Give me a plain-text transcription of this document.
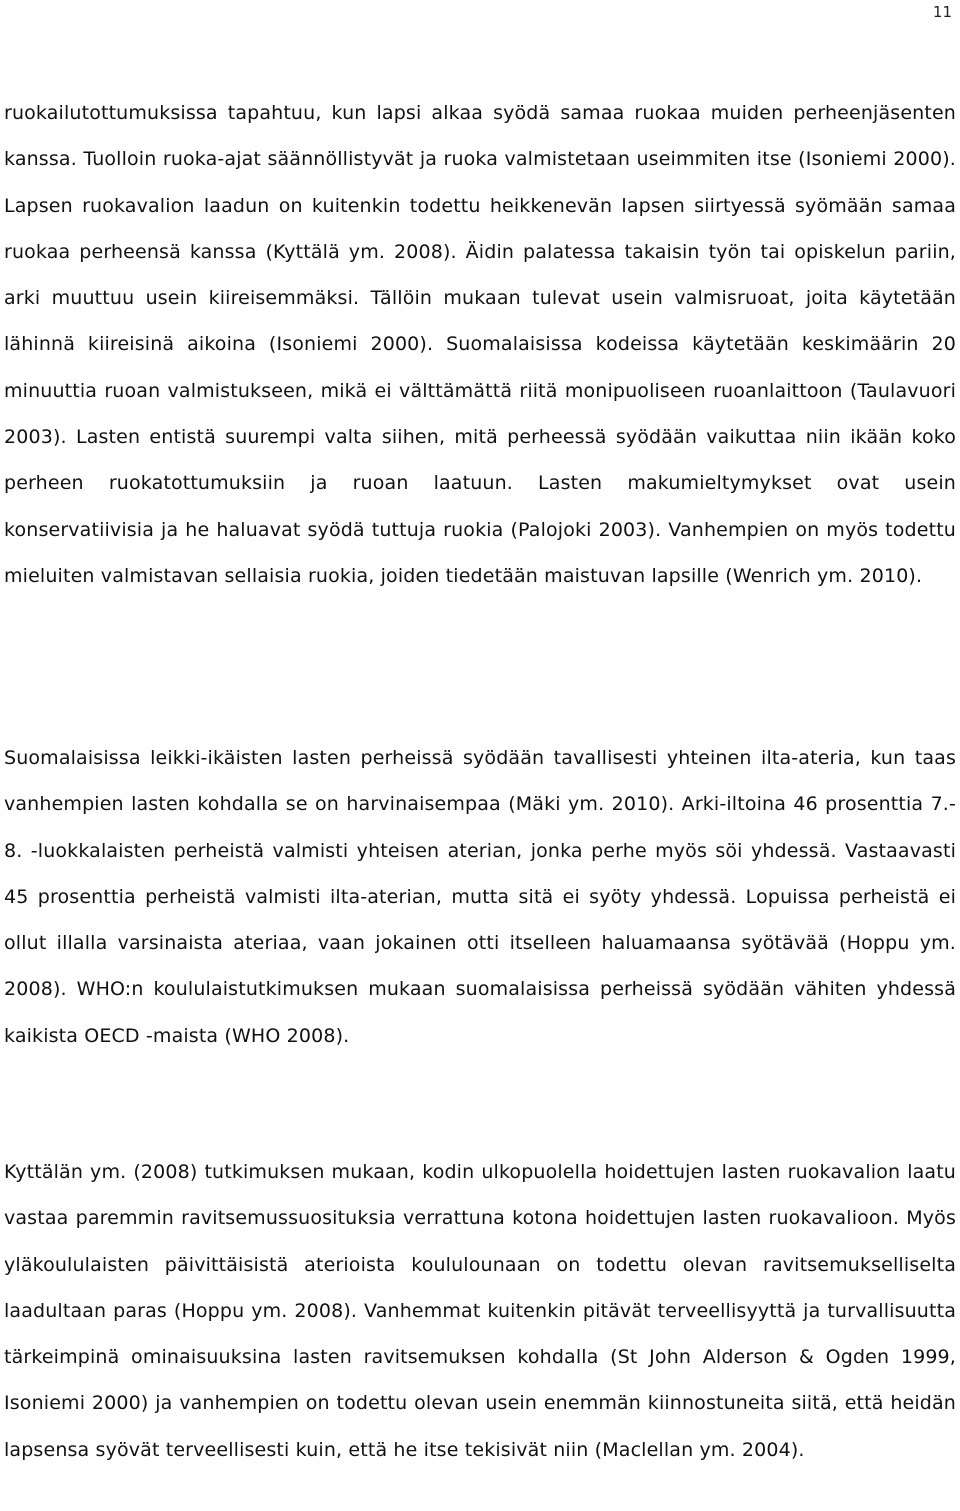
11

ruokailutottumuksissa tapahtuu, kun lapsi alkaa syödä samaa ruokaa muiden perheenjäsenten kanssa. Tuolloin ruoka-ajat säännöllistyvät ja ruoka valmistetaan useimmiten itse (Isoniemi 2000). Lapsen ruokavalion laadun on kuitenkin todettu heikkenevän lapsen siirtyessä syömään samaa ruokaa perheensä kanssa (Kyttälä ym. 2008). Äidin palatessa takaisin työn tai opiskelun pariin, arki muuttuu usein kiireisemmäksi. Tällöin mukaan tulevat usein valmisruoat, joita käytetään lähinnä kiireisinä aikoina (Isoniemi 2000). Suomalaisissa kodeissa käytetään keskimäärin 20 minuuttia ruoan valmistukseen, mikä ei välttämättä riitä monipuoliseen ruoanlaittoon (Taulavuori 2003). Lasten entistä suurempi valta siihen, mitä perheessä syödään vaikuttaa niin ikään koko perheen ruokatottumuksiin ja ruoan laatuun. Lasten makumieltymykset ovat usein konservatiivisia ja he haluavat syödä tuttuja ruokia (Palojoki 2003). Vanhempien on myös todettu mieluiten valmistavan sellaisia ruokia, joiden tiedetään maistuvan lapsille (Wenrich ym. 2010).

Suomalaisissa leikki-ikäisten lasten perheissä syödään tavallisesti yhteinen ilta-ateria, kun taas vanhempien lasten kohdalla se on harvinaisempaa (Mäki ym. 2010). Arki-iltoina 46 prosenttia 7.- 8. -luokkalaisten perheistä valmisti yhteisen aterian, jonka perhe myös söi yhdessä. Vastaavasti 45 prosenttia perheistä valmisti ilta-aterian, mutta sitä ei syöty yhdessä. Lopuissa perheistä ei ollut illalla varsinaista ateriaa, vaan jokainen otti itselleen haluamaansa syötävää (Hoppu ym. 2008). WHO:n koululaistutkimuksen mukaan suomalaisissa perheissä syödään vähiten yhdessä kaikista OECD -maista (WHO 2008).

Kyttälän ym. (2008) tutkimuksen mukaan, kodin ulkopuolella hoidettujen lasten ruokavalion laatu vastaa paremmin ravitsemussuosituksia verrattuna kotona hoidettujen lasten ruokavalioon. Myös yläkoululaisten päivittäisistä aterioista koululounaan on todettu olevan ravitsemukselliselta laadultaan paras (Hoppu ym. 2008). Vanhemmat kuitenkin pitävät terveellisyyttä ja turvallisuutta tärkeimpinä ominaisuuksina lasten ravitsemuksen kohdalla (St John Alderson & Ogden 1999, Isoniemi 2000) ja vanhempien on todettu olevan usein enemmän kiinnostuneita siitä, että heidän lapsensa syövät terveellisesti kuin, että he itse tekisivät niin (Maclellan ym. 2004).
